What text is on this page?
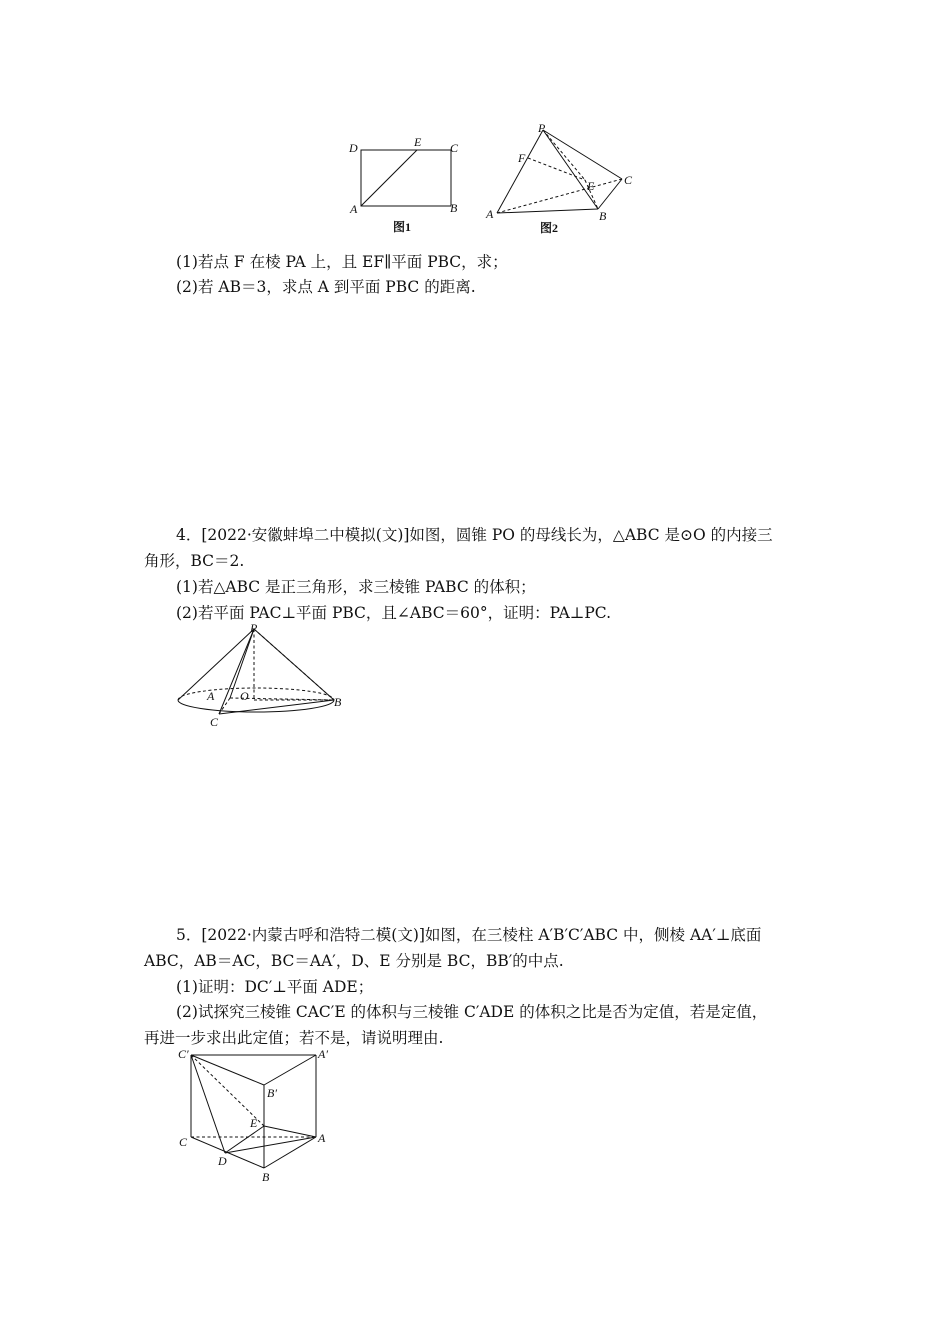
D	E C
A	B
图1
P
F
E C
A	B
图2
(1)若点 F 在棱 PA 上，且 EF∥平面 PBC，求；
(2)若 AB＝3，求点 A 到平面 PBC 的距离.
4．[2022·安徽蚌埠二中模拟(文)]如图，圆锥 PO 的母线长为，△ABC 是⊙O 的内接三
角形，BC＝2.
(1)若△ABC 是正三角形，求三棱锥 PABC 的体积；
(2)若平面 PAC⊥平面 PBC，且∠ABC＝60°，证明：PA⊥PC.
P
A O	B
C
5．[2022·内蒙古呼和浩特二模(文)]如图，在三棱柱 A′B′C′ABC 中，侧棱 AA′⊥底面
ABC，AB＝AC，BC＝AA′，D、E 分别是 BC，BB′的中点.
(1)证明：DC′⊥平面 ADE；
(2)试探究三棱锥 CAC′E 的体积与三棱锥 C′ADE 的体积之比是否为定值，若是定值，
再进一步求出此定值；若不是，请说明理由.
C′	A′
B′
E
C	A
D
B
